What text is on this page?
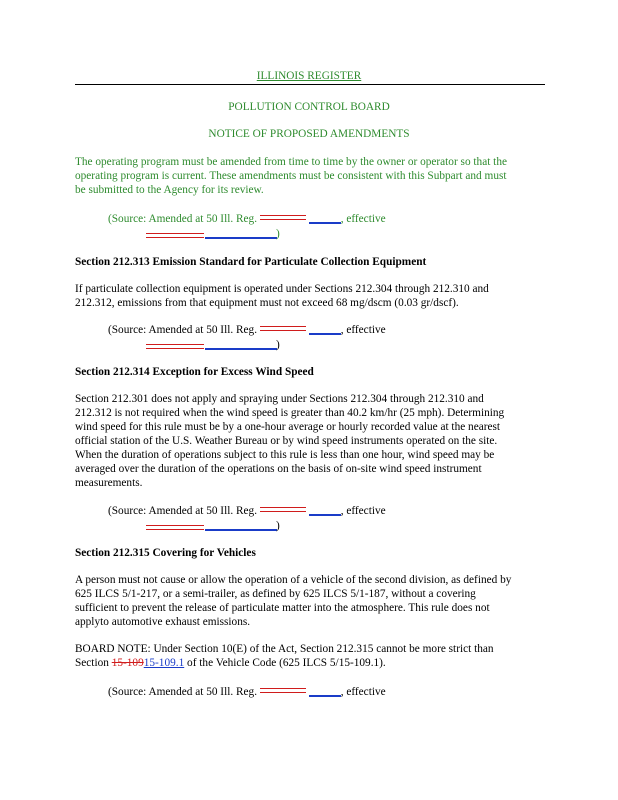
ILLINOIS REGISTER
POLLUTION CONTROL BOARD
NOTICE OF PROPOSED AMENDMENTS
The operating program must be amended from time to time by the owner or operator so that the
operating program is current. These amendments must be consistent with this Subpart and must
be submitted to the Agency for its review.
(Source: Amended at 50 Ill. Reg.	, effective
)
Section 212.313 Emission Standard for Particulate Collection Equipment
If particulate collection equipment is operated under Sections 212.304 through 212.310 and
212.312, emissions from that equipment must not exceed 68 mg/dscm (0.03 gr/dscf).
(Source: Amended at 50 Ill. Reg.	, effective
)
Section 212.314 Exception for Excess Wind Speed
Section 212.301 does not apply and spraying under Sections 212.304 through 212.310 and
212.312 is not required when the wind speed is greater than 40.2 km/hr (25 mph). Determining
wind speed for this rule must be by a one-hour average or hourly recorded value at the nearest
official station of the U.S. Weather Bureau or by wind speed instruments operated on the site.
When the duration of operations subject to this rule is less than one hour, wind speed may be
averaged over the duration of the operations on the basis of on-site wind speed instrument
measurements.
(Source: Amended at 50 Ill. Reg.	, effective
)
Section 212.315 Covering for Vehicles
A person must not cause or allow the operation of a vehicle of the second division, as defined by
625 ILCS 5/1-217, or a semi-trailer, as defined by 625 ILCS 5/1-187, without a covering
sufficient to prevent the release of particulate matter into the atmosphere. This rule does not
applyto automotive exhaust emissions.
BOARD NOTE: Under Section 10(E) of the Act, Section 212.315 cannot be more strict than
Section 15-10915-109.1 of the Vehicle Code (625 ILCS 5/15-109.1).
(Source: Amended at 50 Ill. Reg.	, effective
